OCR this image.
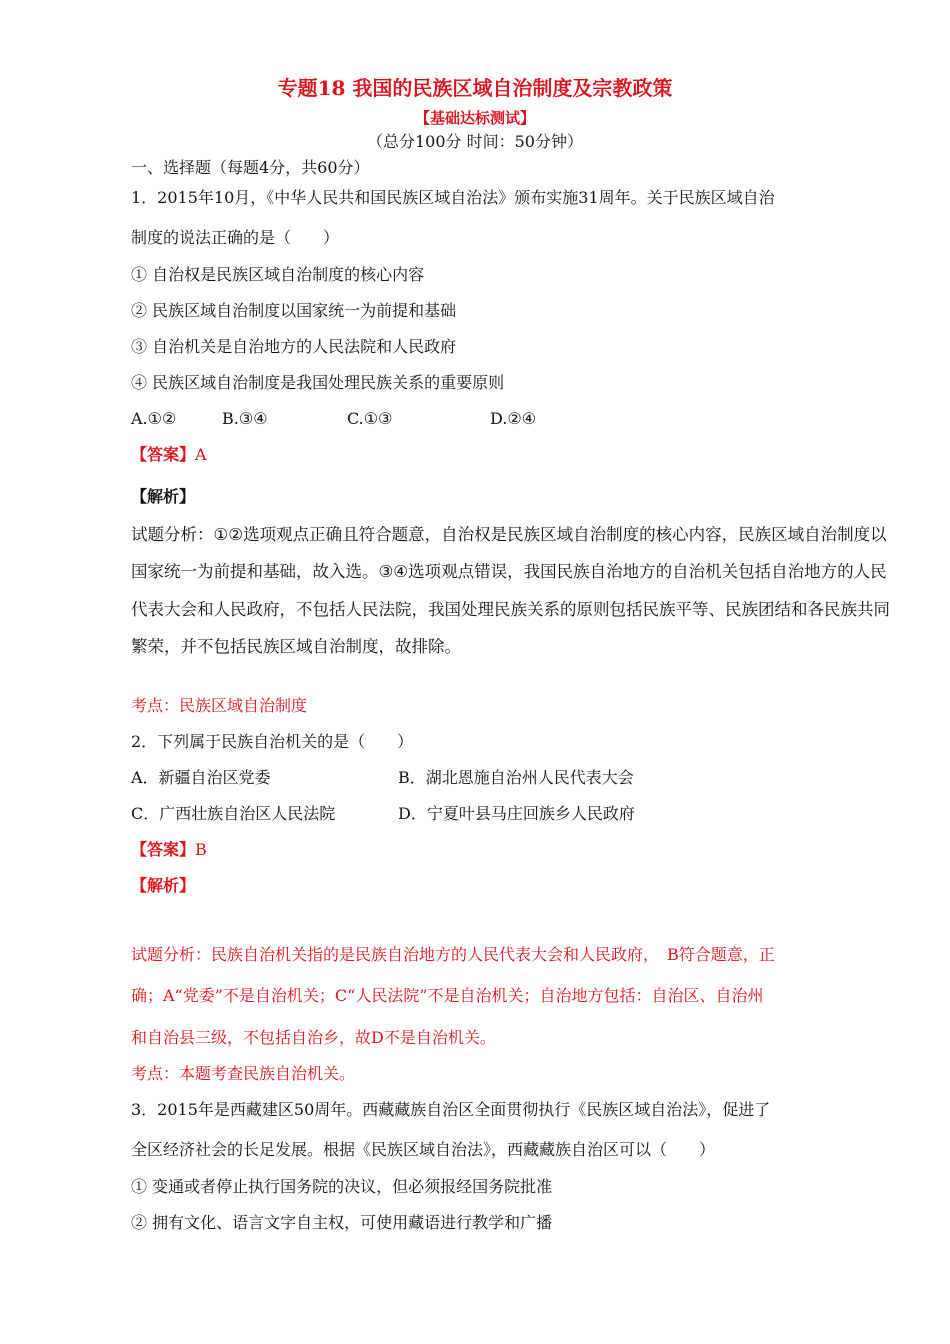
专题18 我国的民族区域自治制度及宗教政策
【基础达标测试】
（总分100分 时间：50分钟）
一、选择题（每题4分，共60分）
1．2015年10月，《中华人民共和国民族区域自治法》颁布实施31周年。关于民族区域自治
制度的说法正确的是（　　）
① 自治权是民族区域自治制度的核心内容
② 民族区域自治制度以国家统一为前提和基础
③ 自治机关是自治地方的人民法院和人民政府
④ 民族区域自治制度是我国处理民族关系的重要原则
A.①②	B.③④	C.①③	D.②④
【答案】A
【解析】
试题分析：①②选项观点正确且符合题意，自治权是民族区域自治制度的核心内容，民族区域自治制度以
国家统一为前提和基础，故入选。③④选项观点错误，我国民族自治地方的自治机关包括自治地方的人民
代表大会和人民政府，不包括人民法院，我国处理民族关系的原则包括民族平等、民族团结和各民族共同
繁荣，并不包括民族区域自治制度，故排除。
考点：民族区域自治制度
2．下列属于民族自治机关的是（　　）
A．新疆自治区党委	B．湖北恩施自治州人民代表大会
C．广西壮族自治区人民法院	D．宁夏叶县马庄回族乡人民政府
【答案】B
【解析】
试题分析：民族自治机关指的是民族自治地方的人民代表大会和人民政府，　B符合题意，正
确；A“党委”不是自治机关；C“人民法院”不是自治机关；自治地方包括：自治区、自治州
和自治县三级，不包括自治乡，故D不是自治机关。
考点：本题考查民族自治机关。
3．2015年是西藏建区50周年。西藏藏族自治区全面贯彻执行《民族区域自治法》，促进了
全区经济社会的长足发展。根据《民族区域自治法》，西藏藏族自治区可以（　　）
① 变通或者停止执行国务院的决议，但必须报经国务院批准
② 拥有文化、语言文字自主权，可使用藏语进行教学和广播
